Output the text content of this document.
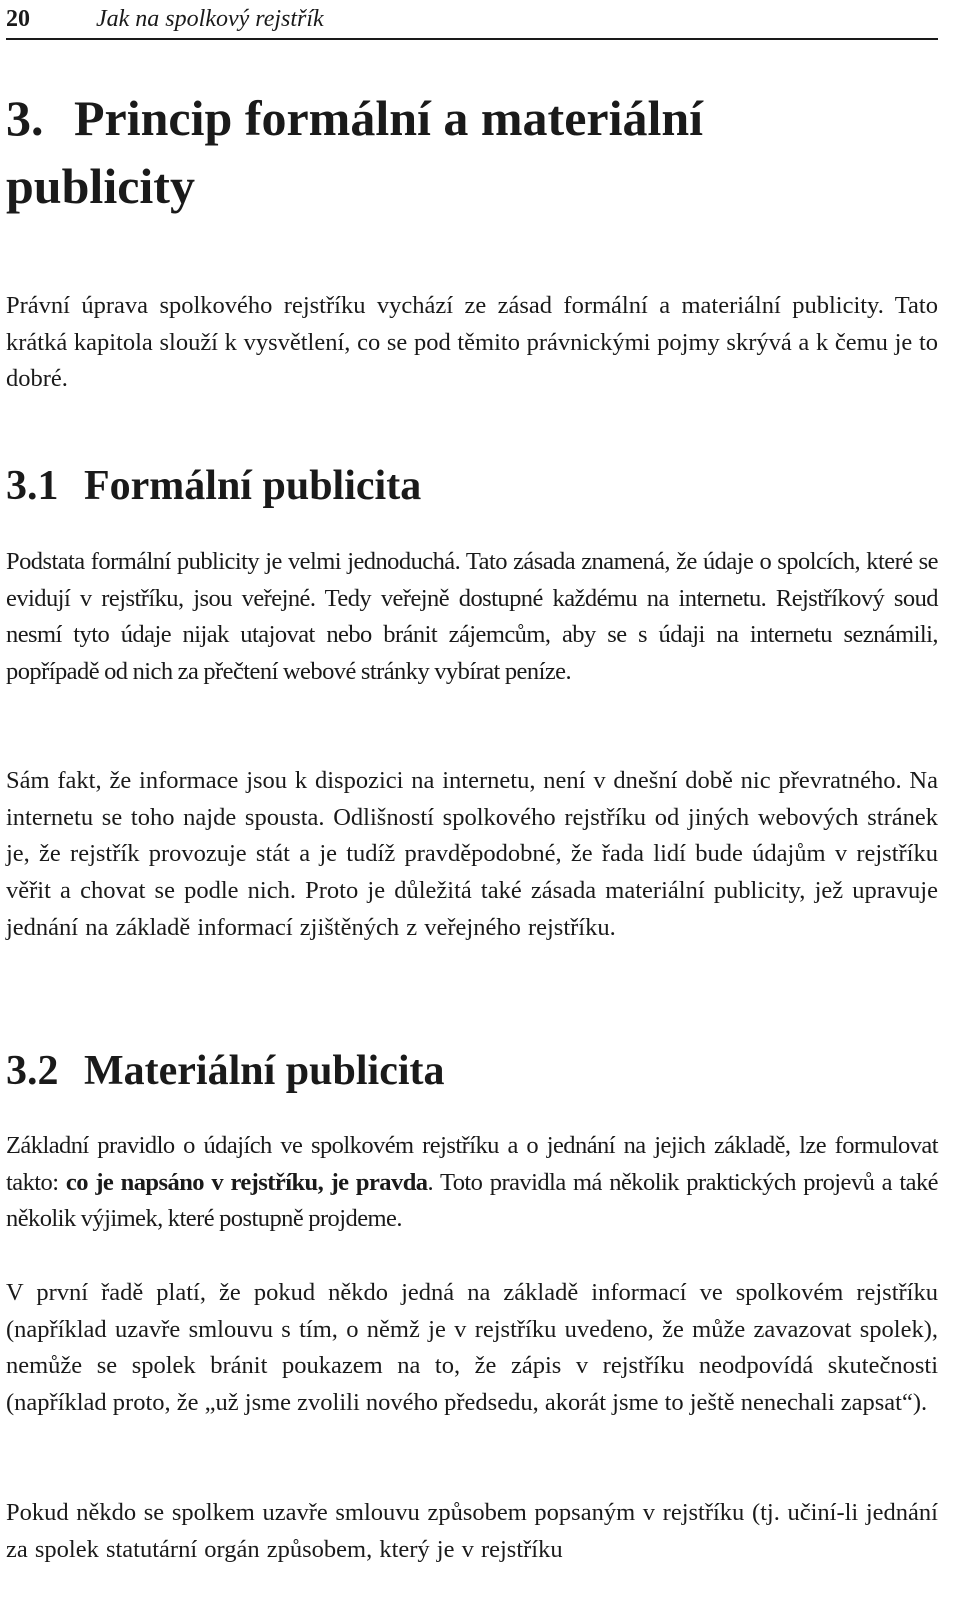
20	Jak na spolkový rejstřík
3. Princip formální a materiální publicity

Právní úprava spolkového rejstříku vychází ze zásad formální a materiální publicity. Tato krátká kapitola slouží k vysvětlení, co se pod těmito právnickými pojmy skrývá a k čemu je to dobré.

3.1 Formální publicita

Podstata formální publicity je velmi jednoduchá. Tato zásada znamená, že údaje o spolcích, které se evidují v rejstříku, jsou veřejné. Tedy veřejně dostupné každému na internetu. Rejstříkový soud nesmí tyto údaje nijak utajovat nebo bránit zájemcům, aby se s údaji na internetu seznámili, popřípadě od nich za přečtení webové stránky vybírat peníze.

Sám fakt, že informace jsou k dispozici na internetu, není v dnešní době nic převratného. Na internetu se toho najde spousta. Odlišností spolkového rejstříku od jiných webových stránek je, že rejstřík provozuje stát a je tudíž pravděpodobné, že řada lidí bude údajům v rejstříku věřit a chovat se podle nich. Proto je důležitá také zásada materiální publicity, jež upravuje jednání na základě informací zjištěných z veřejného rejstříku.

3.2 Materiální publicita

Základní pravidlo o údajích ve spolkovém rejstříku a o jednání na jejich základě, lze formulovat takto: co je napsáno v rejstříku, je pravda. Toto pravidla má několik praktických projevů a také několik výjimek, které postupně projdeme.

V první řadě platí, že pokud někdo jedná na základě informací ve spolkovém rejstříku (například uzavře smlouvu s tím, o němž je v rejstříku uvedeno, že může zavazovat spolek), nemůže se spolek bránit poukazem na to, že zápis v rejstříku neodpovídá skutečnosti (například proto, že „už jsme zvolili nového předsedu, akorát jsme to ještě nenechali zapsat“).

Pokud někdo se spolkem uzavře smlouvu způsobem popsaným v rejstříku (tj. učiní-li jednání za spolek statutární orgán způsobem, který je v rejstříku
